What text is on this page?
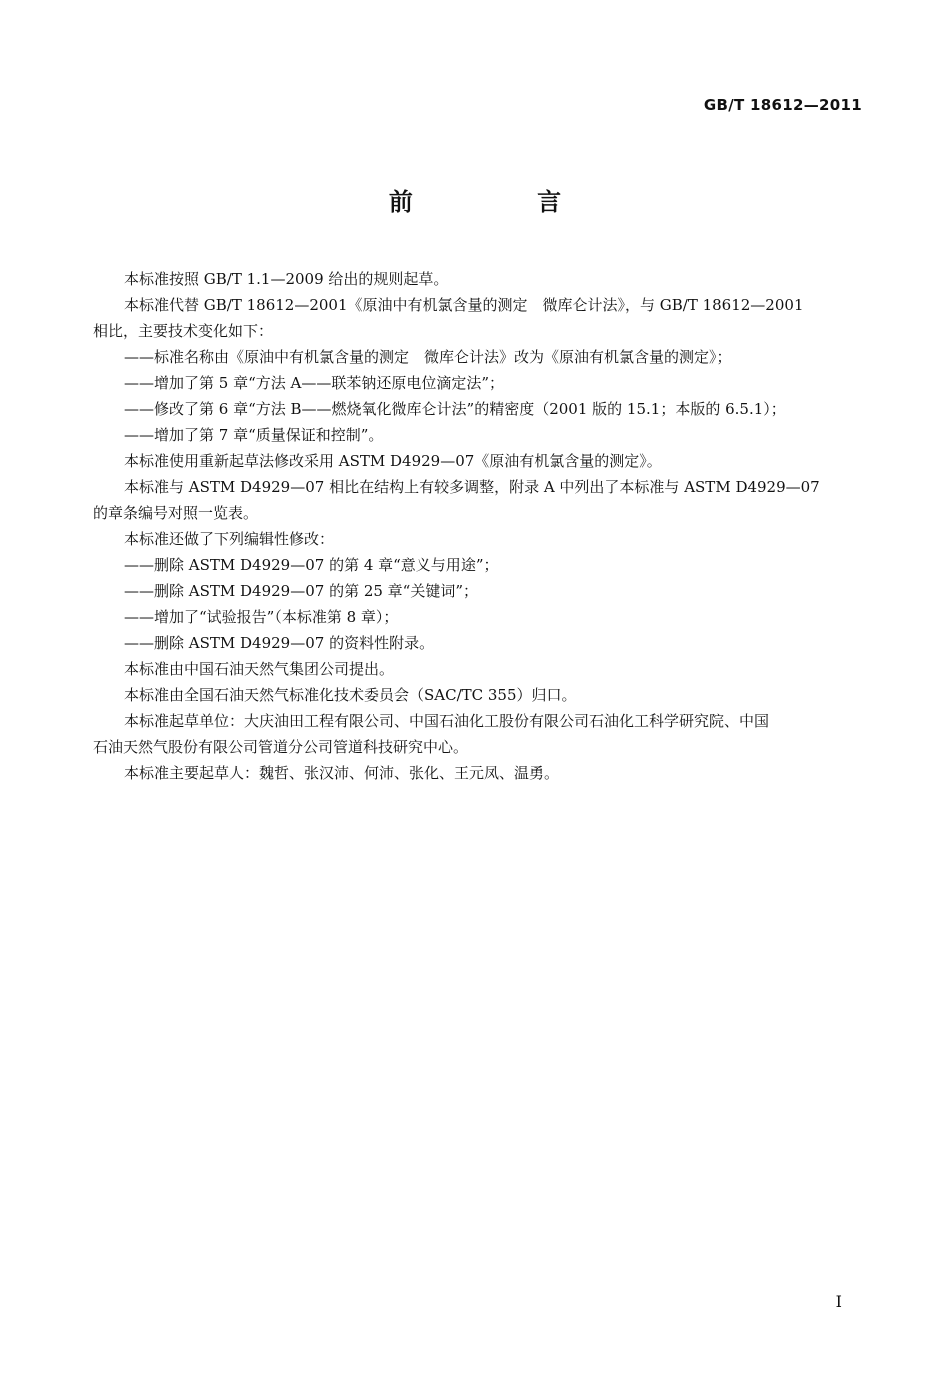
GB/T 18612—2011
前 言

本标准按照 GB/T 1.1—2009 给出的规则起草。

本标准代替 GB/T 18612—2001《原油中有机氯含量的测定　微库仑计法》，与 GB/T 18612—2001

相比，主要技术变化如下：

——标准名称由《原油中有机氯含量的测定　微库仑计法》改为《原油有机氯含量的测定》；

——增加了第 5 章“方法 A——联苯钠还原电位滴定法”；

——修改了第 6 章“方法 B——燃烧氧化微库仑计法”的精密度（2001 版的 15.1；本版的 6.5.1）；

——增加了第 7 章“质量保证和控制”。

本标准使用重新起草法修改采用 ASTM D4929—07《原油有机氯含量的测定》。

本标准与 ASTM D4929—07 相比在结构上有较多调整，附录 A 中列出了本标准与 ASTM D4929—07

的章条编号对照一览表。

本标准还做了下列编辑性修改：

——删除 ASTM D4929—07 的第 4 章“意义与用途”；

——删除 ASTM D4929—07 的第 25 章“关键词”；

——增加了“试验报告”（本标准第 8 章）；

——删除 ASTM D4929—07 的资料性附录。

本标准由中国石油天然气集团公司提出。

本标准由全国石油天然气标准化技术委员会（SAC/TC 355）归口。

本标准起草单位：大庆油田工程有限公司、中国石油化工股份有限公司石油化工科学研究院、中国

石油天然气股份有限公司管道分公司管道科技研究中心。

本标准主要起草人：魏哲、张汉沛、何沛、张化、王元凤、温勇。

I
